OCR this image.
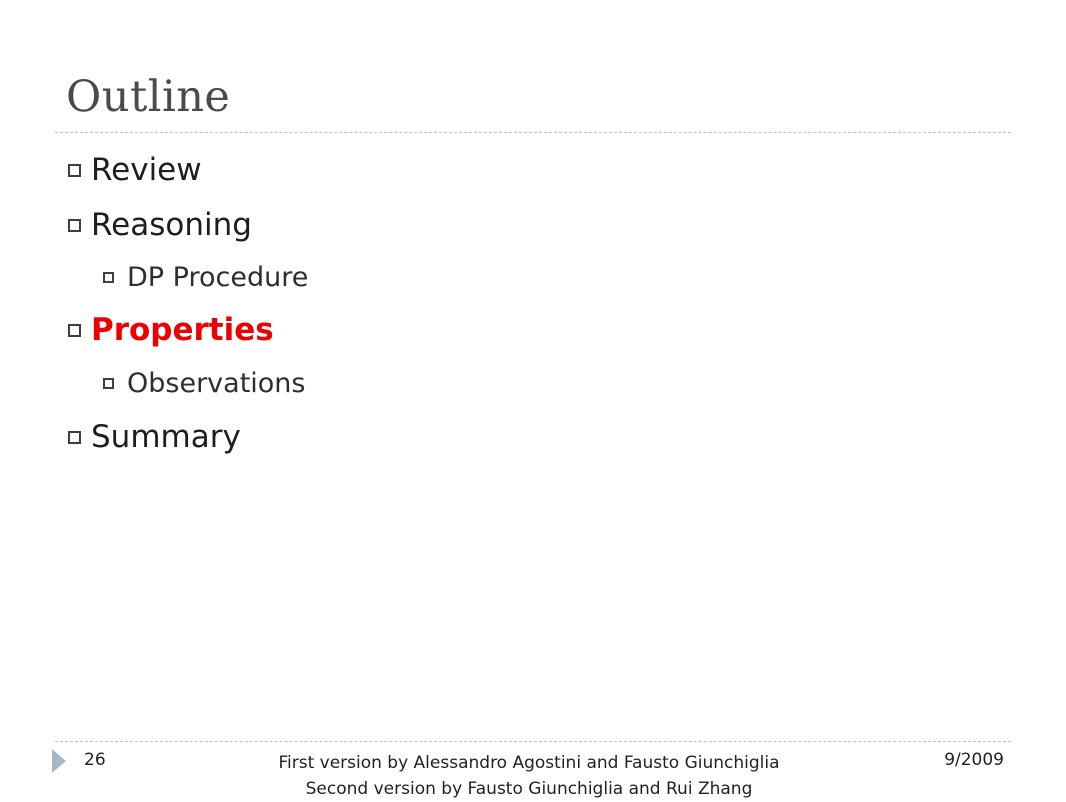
Outline
Review
Reasoning
DP Procedure
Properties
Observations
Summary
26	First version by Alessandro Agostini and Fausto Giunchiglia
Second version by Fausto Giunchiglia and Rui Zhang
9/2009
